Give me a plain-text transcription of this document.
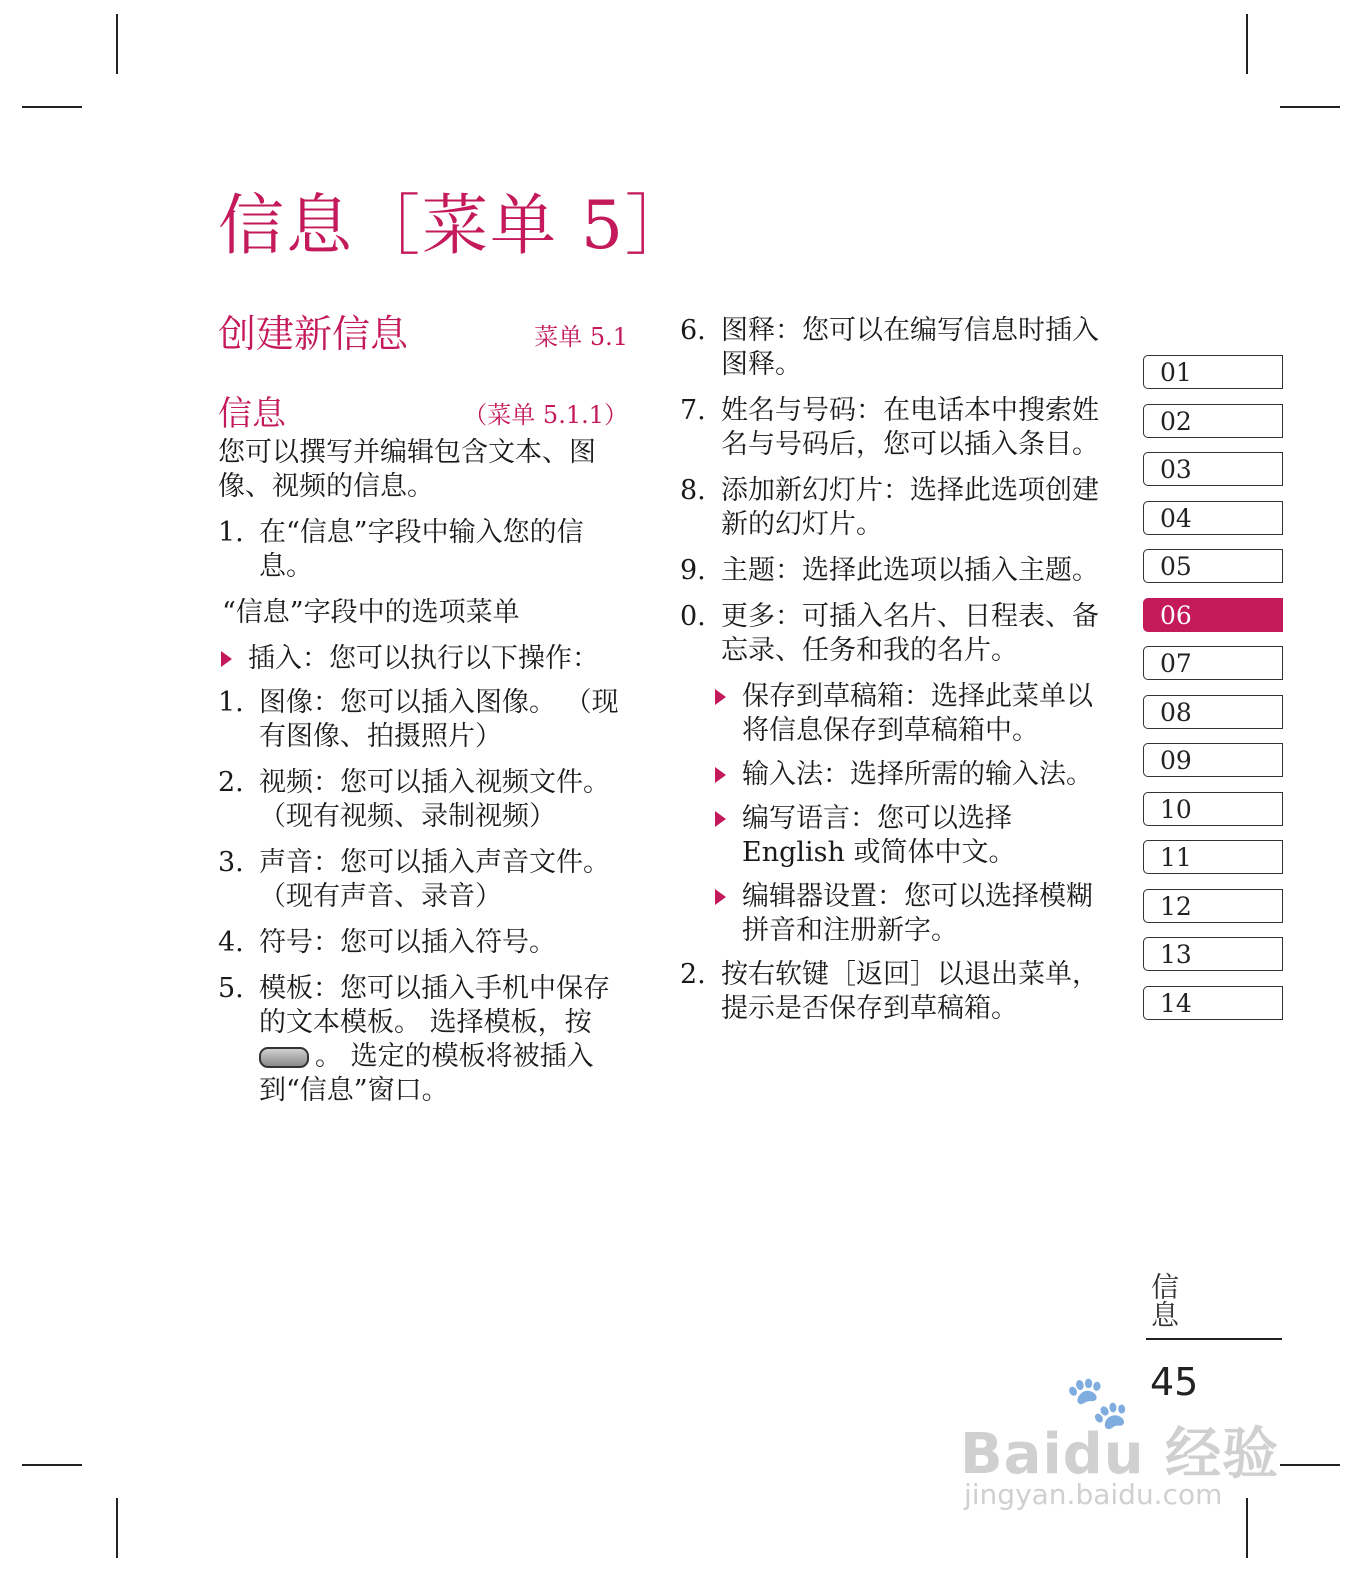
信息［菜单 5］
创建新信息	菜单 5.1
信息	（菜单 5.1.1）

您可以撰写并编辑包含文本、图像、视频的信息。

1. 在“信息”字段中输入您的信息。

“信息”字段中的选项菜单

插入：您可以执行以下操作：
1. 图像：您可以插入图像。 （现有图像、拍摄照片）
2. 视频：您可以插入视频文件。（现有视频、录制视频）
3. 声音：您可以插入声音文件。（现有声音、录音）
4. 符号：您可以插入符号。
5. 模板：您可以插入手机中保存的文本模板。 选择模板，按 。 选定的模板将被插入到“信息”窗口。
6. 图释：您可以在编写信息时插入图释。
7. 姓名与号码：在电话本中搜索姓名与号码后，您可以插入条目。
8. 添加新幻灯片：选择此选项创建新的幻灯片。
9. 主题：选择此选项以插入主题。
0. 更多：可插入名片、日程表、备忘录、任务和我的名片。
保存到草稿箱：选择此菜单以将信息保存到草稿箱中。
输入法：选择所需的输入法。
编写语言：您可以选择 English 或简体中文。
编辑器设置：您可以选择模糊拼音和注册新字。
2. 按右软键［返回］以退出菜单，提示是否保存到草稿箱。
01
02
03
04
05
06
07
08
09
10
11
12
13
14
信息
45
🐾
Baidu 经验
jingyan.baidu.com
